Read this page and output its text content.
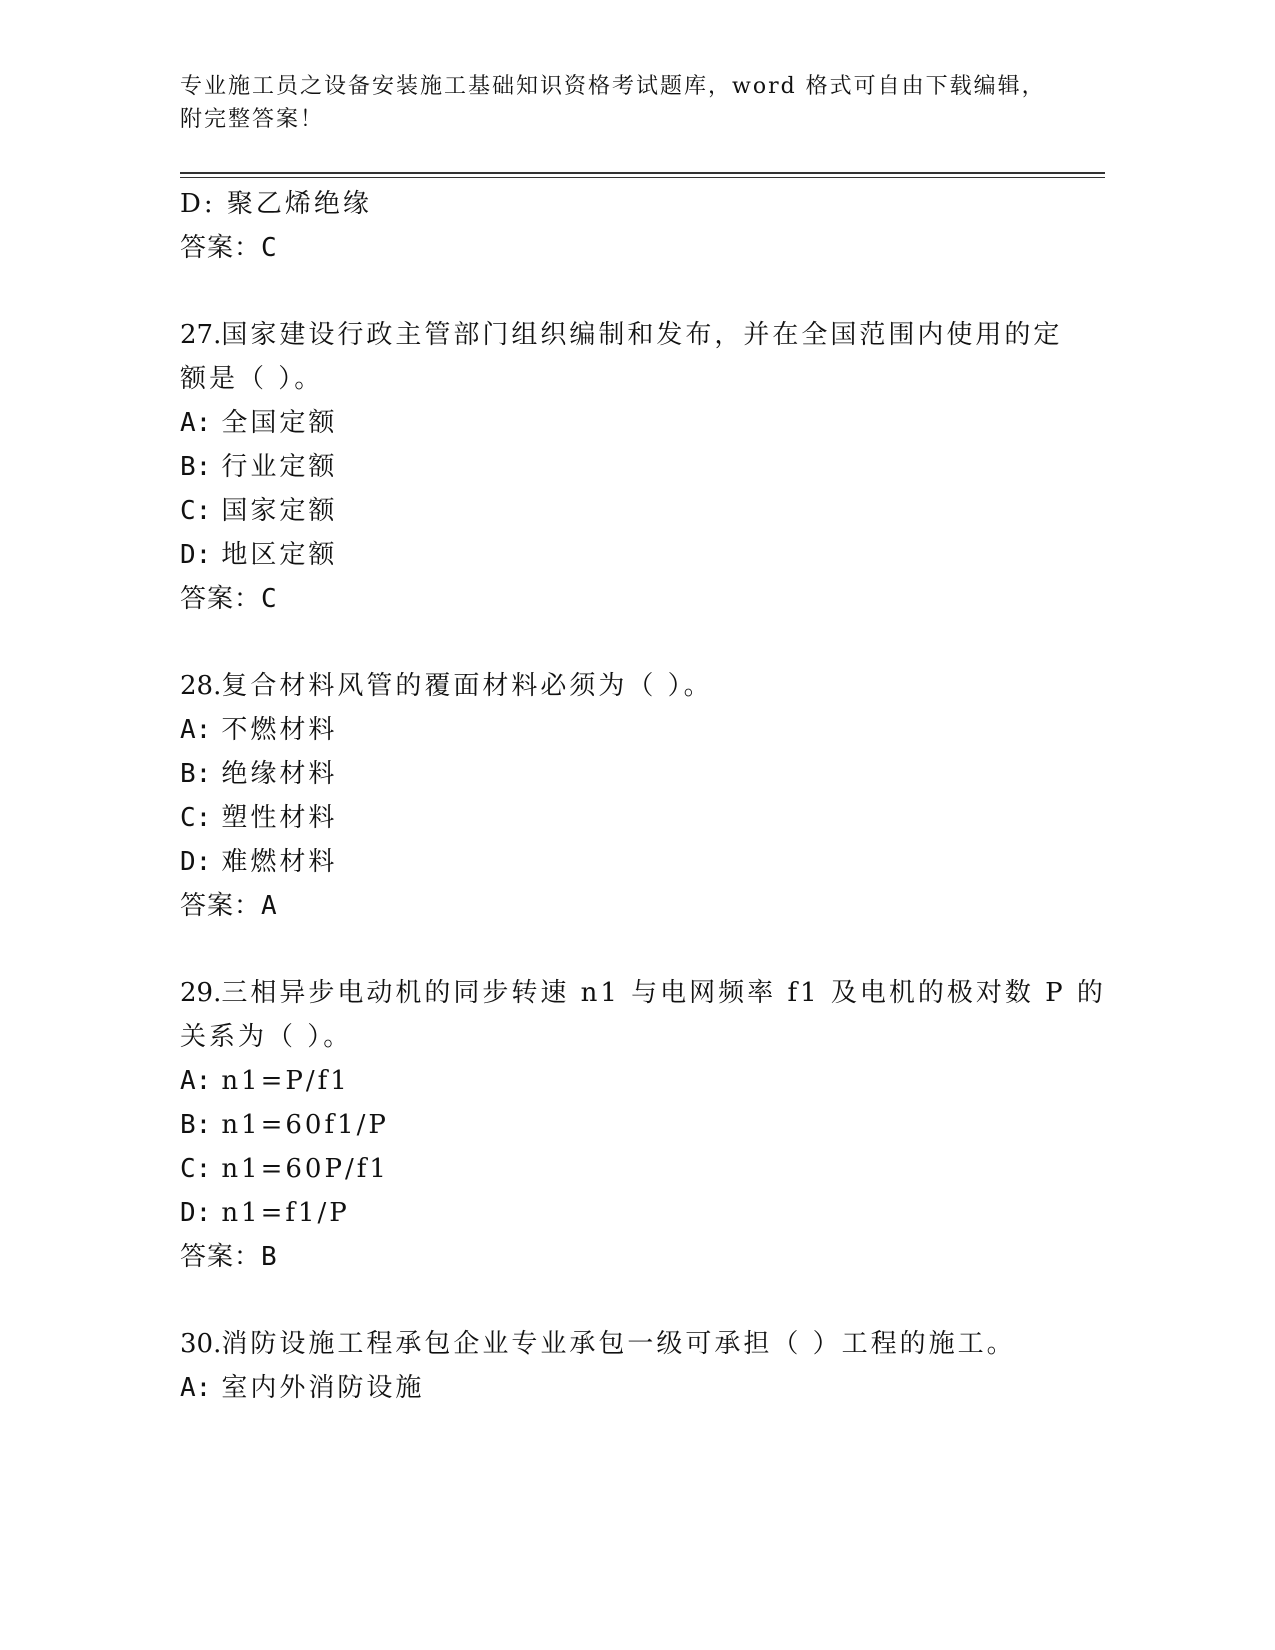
专业施工员之设备安装施工基础知识资格考试题库，word 格式可自由下载编辑，
附完整答案！
D: 聚乙烯绝缘
答案：C
27.国家建设行政主管部门组织编制和发布，并在全国范围内使用的定
额是（ ）。
A: 全国定额
B: 行业定额
C: 国家定额
D: 地区定额
答案：C
28.复合材料风管的覆面材料必须为（ ）。
A: 不燃材料
B: 绝缘材料
C: 塑性材料
D: 难燃材料
答案：A
29.三相异步电动机的同步转速 n1 与电网频率 f1 及电机的极对数 P 的
关系为（ ）。
A: n1=P/f1
B: n1=60f1/P
C: n1=60P/f1
D: n1=f1/P
答案：B
30.消防设施工程承包企业专业承包一级可承担（ ）工程的施工。
A: 室内外消防设施
